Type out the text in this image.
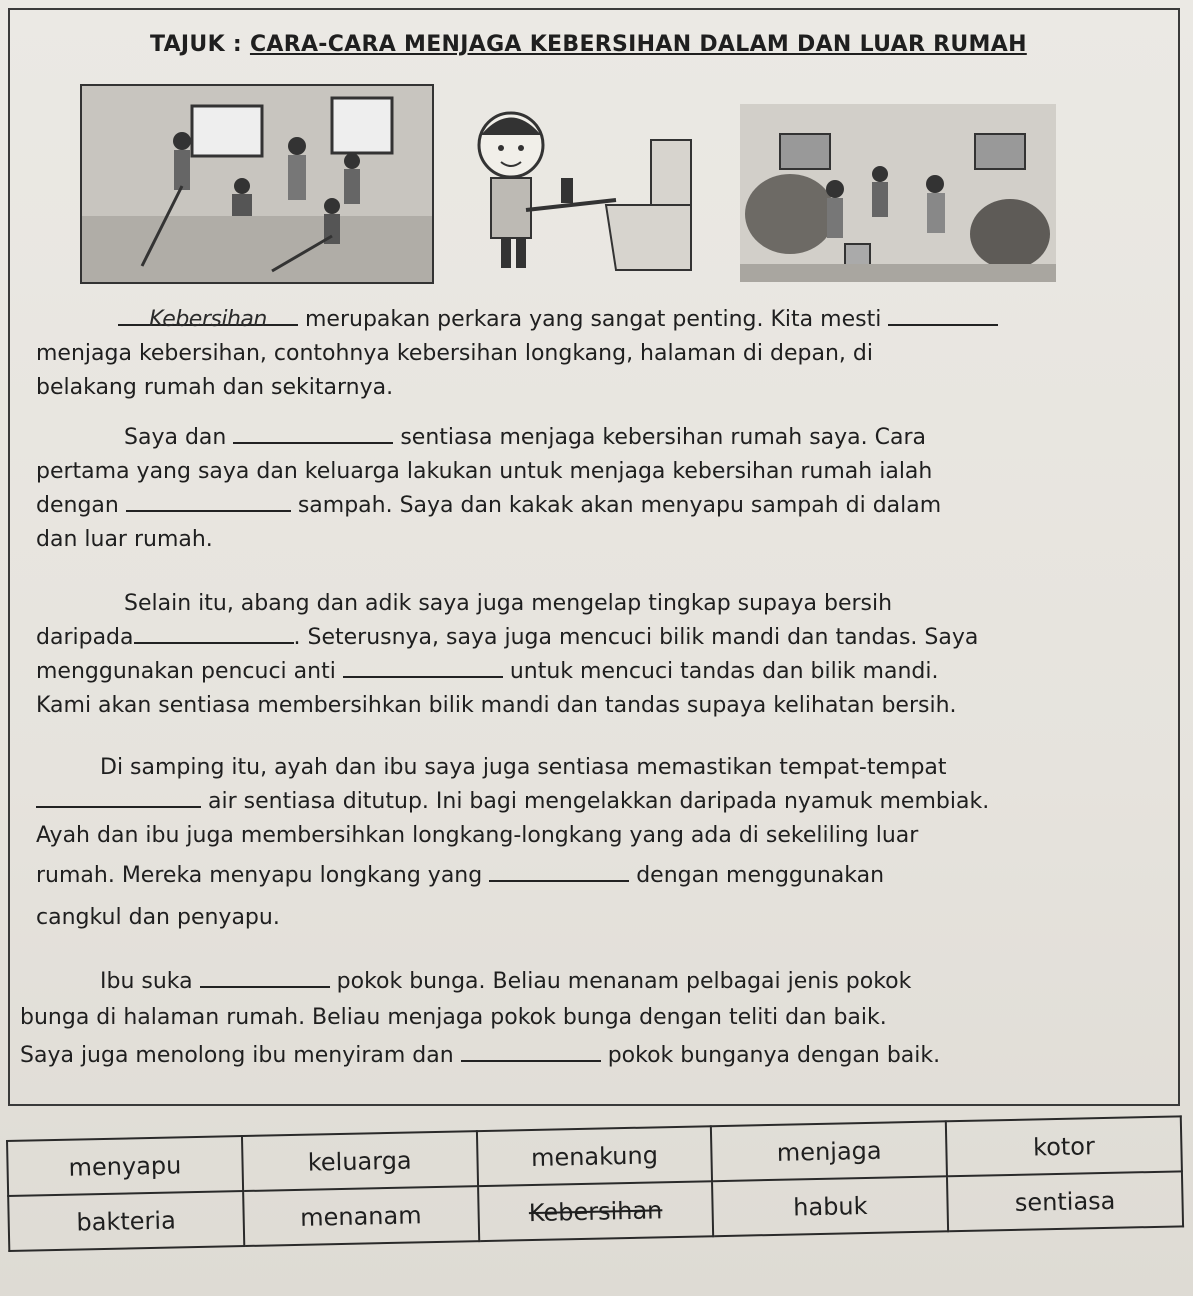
TAJUK : CARA-CARA MENJAGA KEBERSIHAN DALAM DAN LUAR RUMAH
Kebersihan merupakan perkara yang sangat penting. Kita mesti
menjaga kebersihan, contohnya kebersihan longkang, halaman di depan, di
belakang rumah dan sekitarnya.
Saya dan	sentiasa menjaga kebersihan rumah saya. Cara
pertama yang saya dan keluarga lakukan untuk menjaga kebersihan rumah ialah
dengan	sampah. Saya dan kakak akan menyapu sampah di dalam
dan luar rumah.
Selain itu, abang dan adik saya juga mengelap tingkap supaya bersih
daripada	. Seterusnya, saya juga mencuci bilik mandi dan tandas. Saya
menggunakan pencuci anti	untuk mencuci tandas dan bilik mandi.
Kami akan sentiasa membersihkan bilik mandi dan tandas supaya kelihatan bersih.
Di samping itu, ayah dan ibu saya juga sentiasa memastikan tempat-tempat
air sentiasa ditutup. Ini bagi mengelakkan daripada nyamuk membiak.
Ayah dan ibu juga membersihkan longkang-longkang yang ada di sekeliling luar
rumah. Mereka menyapu longkang yang	dengan menggunakan
cangkul dan penyapu.
Ibu suka	pokok bunga. Beliau menanam pelbagai jenis pokok
bunga di halaman rumah. Beliau menjaga pokok bunga dengan teliti dan baik.
Saya juga menolong ibu menyiram dan	pokok bunganya dengan baik.
menyapu	keluarga	menakung	menjaga	kotor
bakteria	menanam	Kebersihan	habuk	sentiasa
